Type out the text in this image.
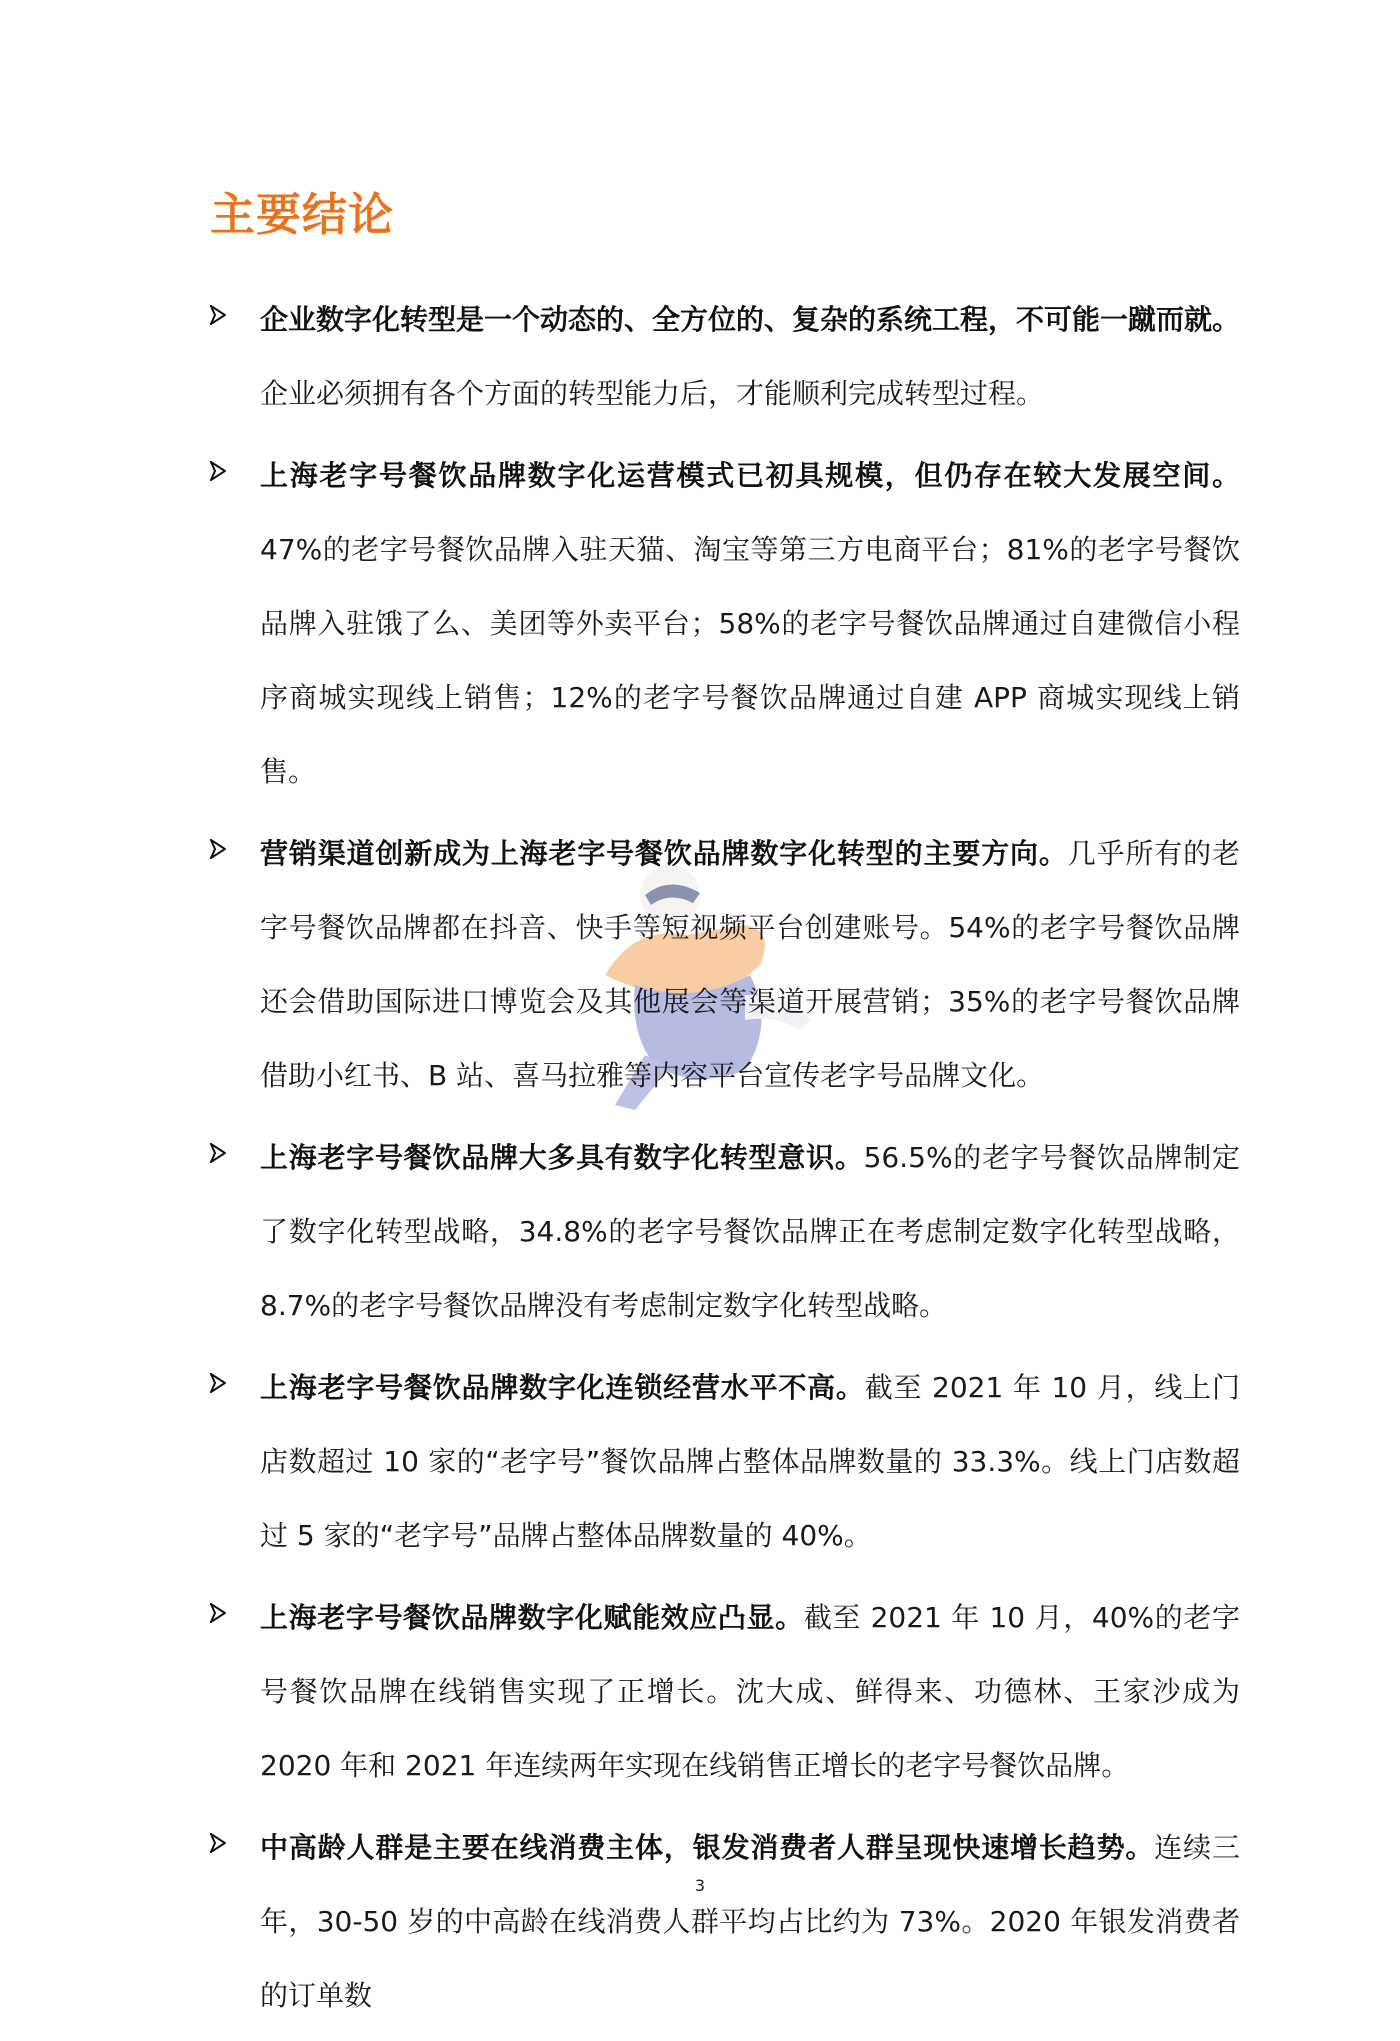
主要结论

企业数字化转型是一个动态的、全方位的、复杂的系统工程，不可能一蹴而就。企业必须拥有各个方面的转型能力后，才能顺利完成转型过程。

上海老字号餐饮品牌数字化运营模式已初具规模，但仍存在较大发展空间。47%的老字号餐饮品牌入驻天猫、淘宝等第三方电商平台；81%的老字号餐饮品牌入驻饿了么、美团等外卖平台；58%的老字号餐饮品牌通过自建微信小程序商城实现线上销售；12%的老字号餐饮品牌通过自建 APP 商城实现线上销售。

营销渠道创新成为上海老字号餐饮品牌数字化转型的主要方向。几乎所有的老字号餐饮品牌都在抖音、快手等短视频平台创建账号。54%的老字号餐饮品牌还会借助国际进口博览会及其他展会等渠道开展营销；35%的老字号餐饮品牌借助小红书、B 站、喜马拉雅等内容平台宣传老字号品牌文化。

上海老字号餐饮品牌大多具有数字化转型意识。56.5%的老字号餐饮品牌制定了数字化转型战略，34.8%的老字号餐饮品牌正在考虑制定数字化转型战略，8.7%的老字号餐饮品牌没有考虑制定数字化转型战略。

上海老字号餐饮品牌数字化连锁经营水平不高。截至 2021 年 10 月，线上门店数超过 10 家的“老字号”餐饮品牌占整体品牌数量的 33.3%。线上门店数超过 5 家的“老字号”品牌占整体品牌数量的 40%。

上海老字号餐饮品牌数字化赋能效应凸显。截至 2021 年 10 月，40%的老字号餐饮品牌在线销售实现了正增长。沈大成、鲜得来、功德林、王家沙成为 2020 年和 2021 年连续两年实现在线销售正增长的老字号餐饮品牌。

中高龄人群是主要在线消费主体，银发消费者人群呈现快速增长趋势。连续三年，30-50 岁的中高龄在线消费人群平均占比约为 73%。2020 年银发消费者的订单数

3
